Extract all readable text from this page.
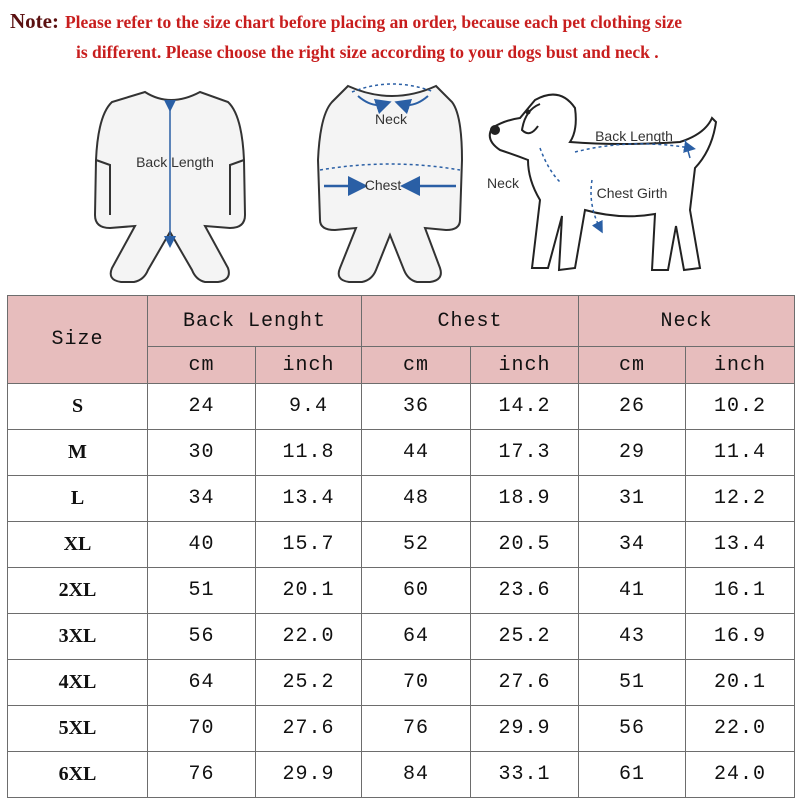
Note: Please refer to the size chart before placing an order, because each pet clothing size
is different. Please choose the right size according to your dogs bust and neck .
Back Length
Neck
Chest
Back Length
Neck
Chest Girth
Size	Back Lenght		Chest		Neck	
	cm	inch	cm	inch	cm	inch
S	24	9.4	36	14.2	26	10.2
M	30	11.8	44	17.3	29	11.4
L	34	13.4	48	18.9	31	12.2
XL	40	15.7	52	20.5	34	13.4
2XL	51	20.1	60	23.6	41	16.1
3XL	56	22.0	64	25.2	43	16.9
4XL	64	25.2	70	27.6	51	20.1
5XL	70	27.6	76	29.9	56	22.0
6XL	76	29.9	84	33.1	61	24.0
